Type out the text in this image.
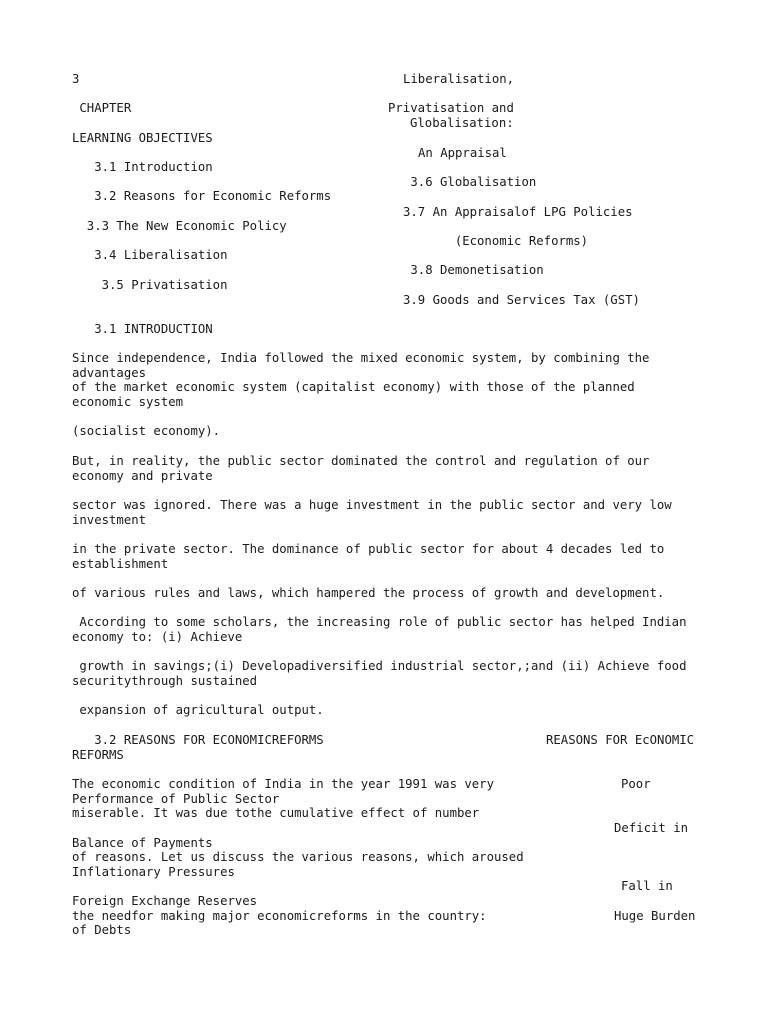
3	Liberalisation,
CHAPTER	Privatisation and
Globalisation:
LEARNING OBJECTIVES
An Appraisal
3.1 Introduction
3.6 Globalisation
3.2 Reasons for Economic Reforms
3.7 An Appraisalof LPG Policies
3.3 The New Economic Policy
(Economic Reforms)
3.4 Liberalisation
3.8 Demonetisation
3.5 Privatisation
3.9 Goods and Services Tax (GST)
3.1 INTRODUCTION
Since independence, India followed the mixed economic system, by combining the
advantages
of the market economic system (capitalist economy) with those of the planned
economic system
(socialist economy).
But, in reality, the public sector dominated the control and regulation of our
economy and private
sector was ignored. There was a huge investment in the public sector and very low
investment
in the private sector. The dominance of public sector for about 4 decades led to
establishment
of various rules and laws, which hampered the process of growth and development.
According to some scholars, the increasing role of public sector has helped Indian
economy to: (i) Achieve
growth in savings;(i) Developadiversified industrial sector,;and (ii) Achieve food
securitythrough sustained
expansion of agricultural output.
3.2 REASONS FOR ECONOMICREFORMS	REASONS FOR EcONOMIC
REFORMS
The economic condition of India in the year 1991 was very	Poor
Performance of Public Sector
miserable. It was due tothe cumulative effect of number
Deficit in
Balance of Payments
of reasons. Let us discuss the various reasons, which aroused
Inflationary Pressures
Fall in
Foreign Exchange Reserves
the needfor making major economicreforms in the country:	Huge Burden
of Debts
